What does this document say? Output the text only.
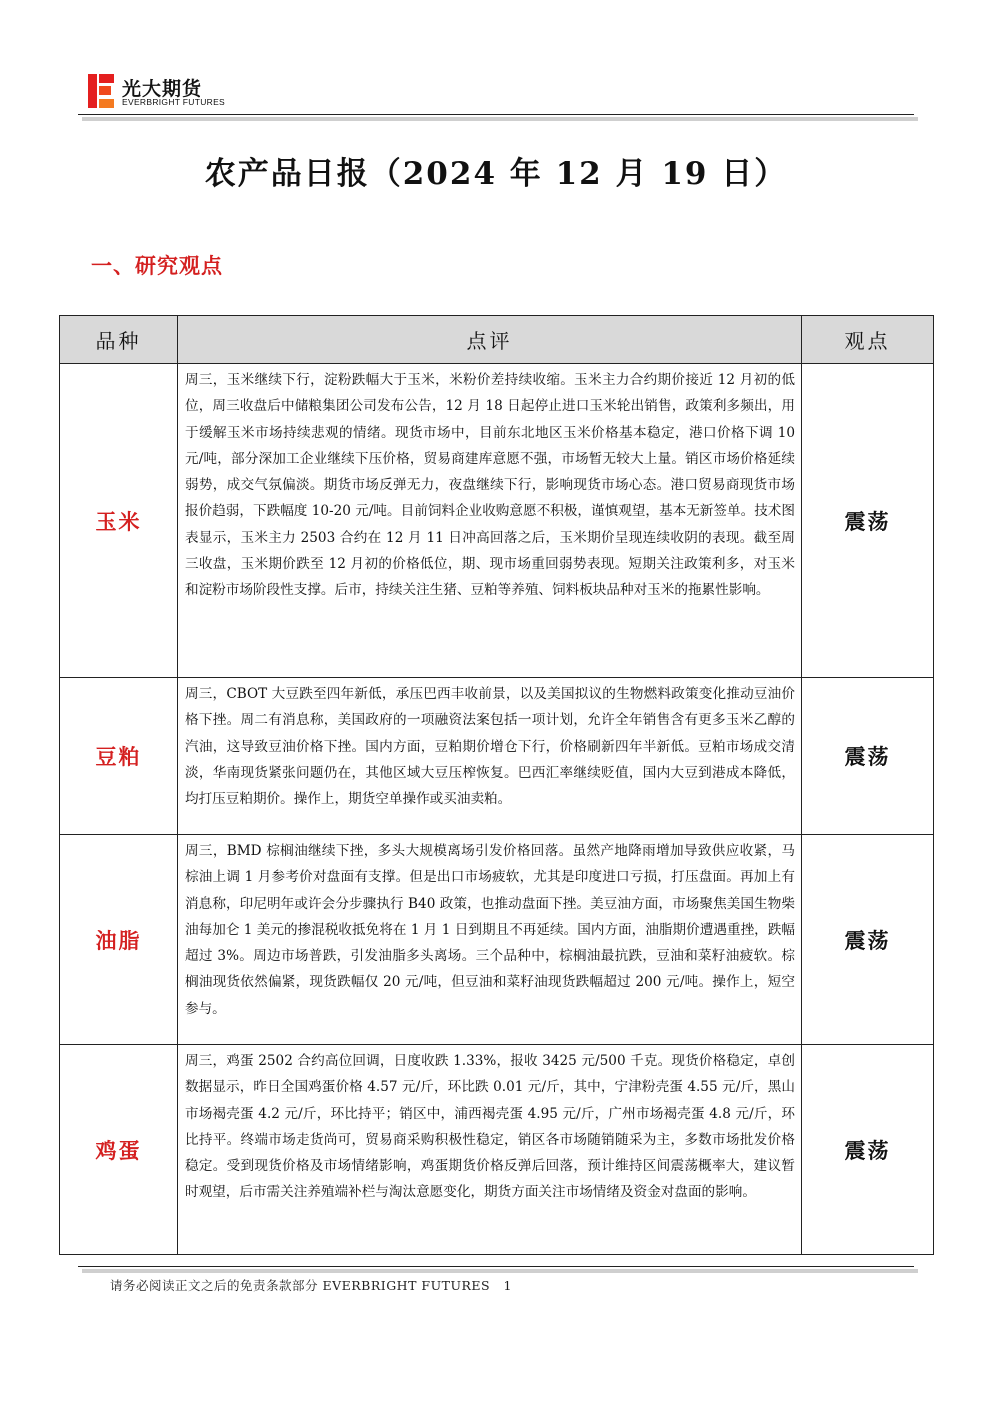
光大期货
EVERBRIGHT FUTURES
农产品日报（2024 年 12 月 19 日）
一、研究观点
品种	点评	观点
玉米	周三，玉米继续下行，淀粉跌幅大于玉米，米粉价差持续收缩。玉米主力合约期价接近 12 月初的低位，周三收盘后中储粮集团公司发布公告，12 月 18 日起停止进口玉米轮出销售，政策利多频出，用于缓解玉米市场持续悲观的情绪。现货市场中，目前东北地区玉米价格基本稳定，港口价格下调 10 元/吨，部分深加工企业继续下压价格，贸易商建库意愿不强，市场暂无较大上量。销区市场价格延续弱势，成交气氛偏淡。期货市场反弹无力，夜盘继续下行，影响现货市场心态。港口贸易商现货市场报价趋弱，下跌幅度 10-20 元/吨。目前饲料企业收购意愿不积极，谨慎观望，基本无新签单。技术图表显示，玉米主力 2503 合约在 12 月 11 日冲高回落之后，玉米期价呈现连续收阴的表现。截至周三收盘，玉米期价跌至 12 月初的价格低位，期、现市场重回弱势表现。短期关注政策利多，对玉米和淀粉市场阶段性支撑。后市，持续关注生猪、豆粕等养殖、饲料板块品种对玉米的拖累性影响。	震荡
豆粕	周三，CBOT 大豆跌至四年新低，承压巴西丰收前景，以及美国拟议的生物燃料政策变化推动豆油价格下挫。周二有消息称，美国政府的一项融资法案包括一项计划，允许全年销售含有更多玉米乙醇的汽油，这导致豆油价格下挫。国内方面，豆粕期价增仓下行，价格刷新四年半新低。豆粕市场成交清淡，华南现货紧张问题仍在，其他区域大豆压榨恢复。巴西汇率继续贬值，国内大豆到港成本降低，均打压豆粕期价。操作上，期货空单操作或买油卖粕。	震荡
油脂	周三，BMD 棕榈油继续下挫，多头大规模离场引发价格回落。虽然产地降雨增加导致供应收紧，马棕油上调 1 月参考价对盘面有支撑。但是出口市场疲软，尤其是印度进口亏损，打压盘面。再加上有消息称，印尼明年或许会分步骤执行 B40 政策，也推动盘面下挫。美豆油方面，市场聚焦美国生物柴油每加仑 1 美元的掺混税收抵免将在 1 月 1 日到期且不再延续。国内方面，油脂期价遭遇重挫，跌幅超过 3%。周边市场普跌，引发油脂多头离场。三个品种中，棕榈油最抗跌，豆油和菜籽油疲软。棕榈油现货依然偏紧，现货跌幅仅 20 元/吨，但豆油和菜籽油现货跌幅超过 200 元/吨。操作上，短空参与。	震荡
鸡蛋	周三，鸡蛋 2502 合约高位回调，日度收跌 1.33%，报收 3425 元/500 千克。现货价格稳定，卓创数据显示，昨日全国鸡蛋价格 4.57 元/斤，环比跌 0.01 元/斤，其中，宁津粉壳蛋 4.55 元/斤，黑山市场褐壳蛋 4.2 元/斤，环比持平；销区中，浦西褐壳蛋 4.95 元/斤，广州市场褐壳蛋 4.8 元/斤，环比持平。终端市场走货尚可，贸易商采购积极性稳定，销区各市场随销随采为主，多数市场批发价格稳定。受到现货价格及市场情绪影响，鸡蛋期货价格反弹后回落，预计维持区间震荡概率大，建议暂时观望，后市需关注养殖端补栏与淘汰意愿变化，期货方面关注市场情绪及资金对盘面的影响。	震荡
请务必阅读正文之后的免责条款部分 EVERBRIGHT FUTURES 1
